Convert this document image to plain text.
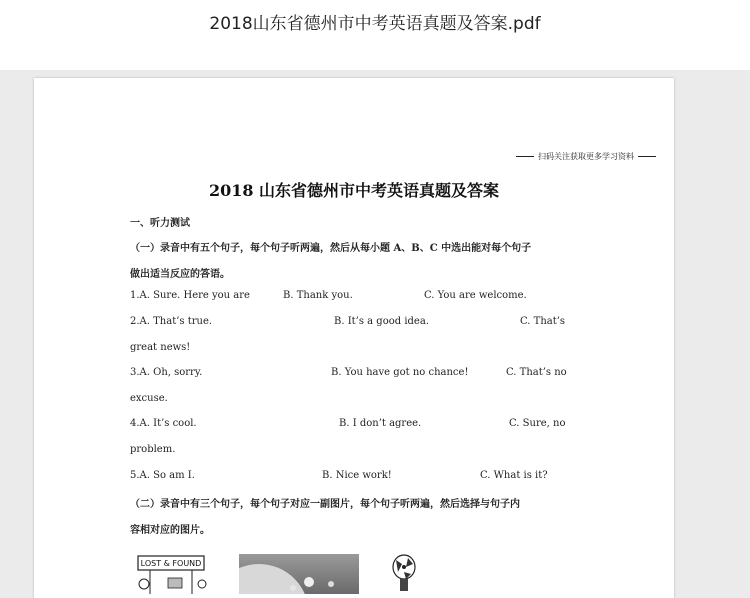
2018山东省德州市中考英语真题及答案.pdf
扫码关注获取更多学习资料
2018 山东省德州市中考英语真题及答案
一、听力测试
（一）录音中有五个句子，每个句子听两遍，然后从每小题 A、B、C 中选出能对每个句子
做出适当反应的答语。
1.A. Sure. Here you are	B. Thank you.	C. You are welcome.
2.A. That’s true.	B. It’s a good idea.	C. That’s
great news!
3.A. Oh, sorry.	B. You have got no chance!	C. That’s no
excuse.
4.A. It’s cool.	B. I don’t agree.	C. Sure, no
problem.
5.A. So am I.	B. Nice work!	C. What is it?
（二）录音中有三个句子，每个句子对应一副图片，每个句子听两遍，然后选择与句子内
容相对应的图片。
LOST & FOUND
